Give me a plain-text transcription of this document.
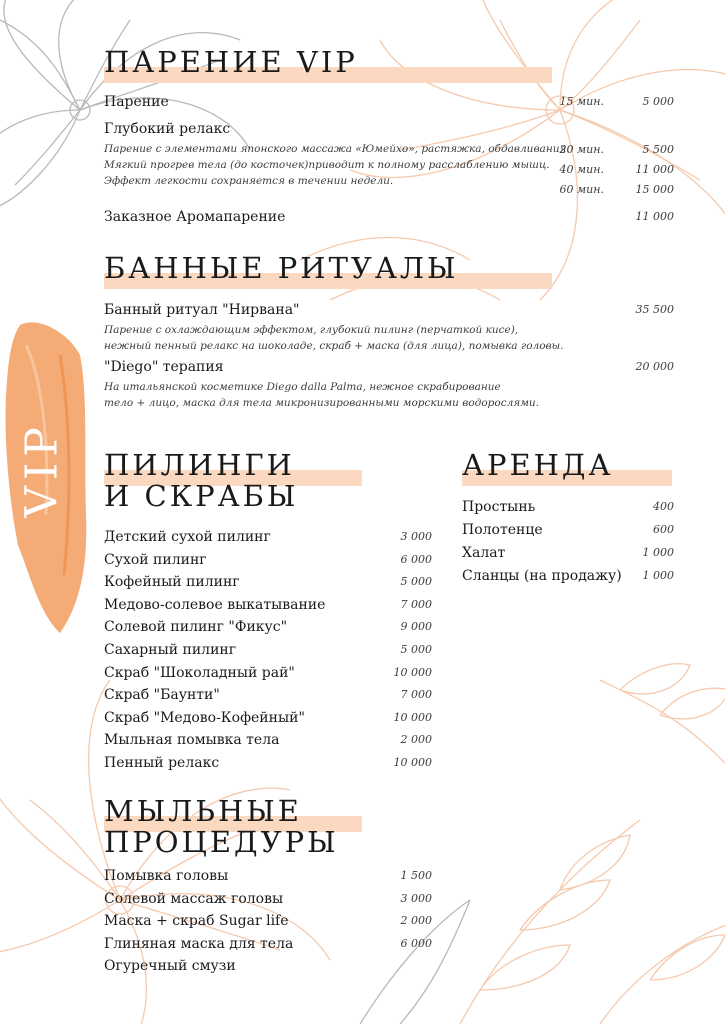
VIP
ПАРЕНИЕ VIP
Парение	15 мин.	5 000
Глубокий релакс
Парение с элементами японского массажа «Юмейхо», растяжка, обдавливания.
Мягкий прогрев тела (до косточек)приводит к полному расслаблению мышц.
Эффект легкости сохраняется в течении недели.
20 мин.	5 500
40 мин.	11 000
60 мин.	15 000
Заказное Аромапарение	11 000
БАННЫЕ РИТУАЛЫ
Банный ритуал "Нирвана"	35 500
Парение с охлаждающим эффектом, глубокий пилинг (перчаткой кисе),
нежный пенный релакс на шоколаде, скраб + маска (для лица), помывка головы.
"Diego" терапия	20 000
На итальянской косметике Diego dalla Palma, нежное скрабирование
тело + лицо, маска для тела микронизированными морскими водорослями.
ПИЛИНГИ
И СКРАБЫ
Детский сухой пилинг	3 000
Сухой пилинг	6 000
Кофейный пилинг	5 000
Медово-солевое выкатывание	7 000
Солевой пилинг "Фикус"	9 000
Сахарный пилинг	5 000
Скраб "Шоколадный рай"	10 000
Скраб "Баунти"	7 000
Скраб "Медово-Кофейный"	10 000
Мыльная помывка тела	2 000
Пенный релакс	10 000
АРЕНДА
Простынь	400
Полотенце	600
Халат	1 000
Сланцы (на продажу)	1 000
МЫЛЬНЫЕ
ПРОЦЕДУРЫ
Помывка головы	1 500
Солевой массаж головы	3 000
Маска + скраб Sugar life	2 000
Глиняная маска для тела	6 000
Огуречный смузи
